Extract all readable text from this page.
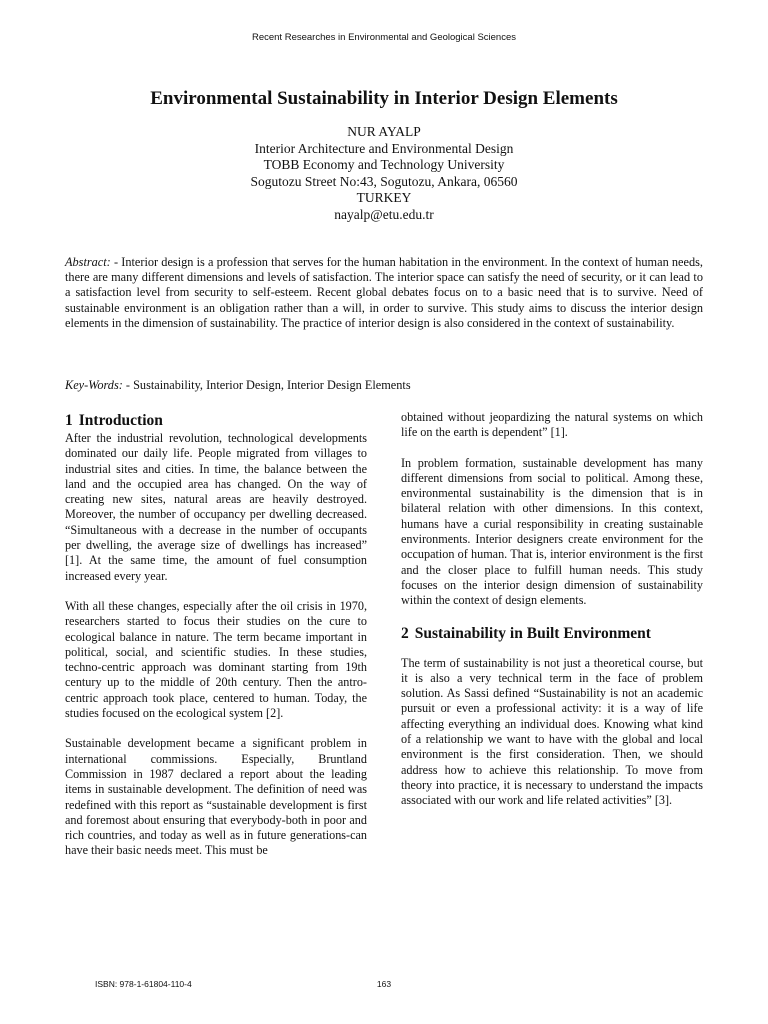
Recent Researches in Environmental and Geological Sciences
Environmental Sustainability in Interior Design Elements
NUR AYALP
Interior Architecture and Environmental Design
TOBB Economy and Technology University
Sogutozu Street No:43, Sogutozu, Ankara, 06560
TURKEY
nayalp@etu.edu.tr

Abstract: - Interior design is a profession that serves for the human habitation in the environment. In the context of human needs, there are many different dimensions and levels of satisfaction. The interior space can satisfy the need of security, or it can lead to a satisfaction level from security to self-esteem. Recent global debates focus on to a basic need that is to survive. Need of sustainable environment is an obligation rather than a will, in order to survive. This study aims to discuss the interior design elements in the dimension of sustainability. The practice of interior design is also considered in the context of sustainability.

Key-Words: - Sustainability, Interior Design, Interior Design Elements

1 Introduction

After the industrial revolution, technological developments dominated our daily life. People migrated from villages to industrial sites and cities. In time, the balance between the land and the occupied area has changed. On the way of creating new sites, natural areas are heavily destroyed. Moreover, the number of occupancy per dwelling decreased. “Simultaneous with a decrease in the number of occupants per dwelling, the average size of dwellings has increased” [1]. At the same time, the amount of fuel consumption increased every year.

With all these changes, especially after the oil crisis in 1970, researchers started to focus their studies on the cure to ecological balance in nature. The term became important in political, social, and scientific studies. In these studies, techno-centric approach was dominant starting from 19th century up to the middle of 20th century. Then the antro-centric approach took place, centered to human. Today, the studies focused on the ecological system [2].

Sustainable development became a significant problem in international commissions. Especially, Bruntland Commission in 1987 declared a report about the leading items in sustainable development. The definition of need was redefined with this report as “sustainable development is first and foremost about ensuring that everybody-both in poor and rich countries, and today as well as in future generations-can have their basic needs meet. This must be

obtained without jeopardizing the natural systems on which life on the earth is dependent” [1].

In problem formation, sustainable development has many different dimensions from social to political. Among these, environmental sustainability is the dimension that is in bilateral relation with other dimensions. In this context, humans have a curial responsibility in creating sustainable environments. Interior designers create environment for the occupation of human. That is, interior environment is the first and the closer place to fulfill human needs. This study focuses on the interior design dimension of sustainability within the context of design elements.

2 Sustainability in Built Environment

The term of sustainability is not just a theoretical course, but it is also a very technical term in the face of problem solution. As Sassi defined “Sustainability is not an academic pursuit or even a professional activity: it is a way of life affecting everything an individual does. Knowing what kind of a relationship we want to have with the global and local environment is the first consideration. Then, we should address how to achieve this relationship. To move from theory into practice, it is necessary to understand the impacts associated with our work and life related activities” [3].

ISBN: 978-1-61804-110-4	163
